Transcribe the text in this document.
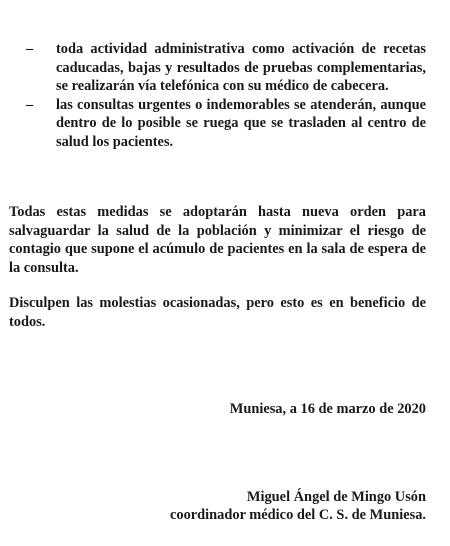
– toda actividad administrativa como activación de recetas caducadas, bajas y resultados de pruebas complementarias, se realizarán vía telefónica con su médico de cabecera.
– las consultas urgentes o indemorables se atenderán, aunque dentro de lo posible se ruega que se trasladen al centro de salud los pacientes.

Todas estas medidas se adoptarán hasta nueva orden para salvaguardar la salud de la población y minimizar el riesgo de contagio que supone el acúmulo de pacientes en la sala de espera de la consulta.

Disculpen las molestias ocasionadas, pero esto es en beneficio de todos.

Muniesa, a 16 de marzo de 2020

Miguel Ángel de Mingo Usón

coordinador médico del C. S. de Muniesa.
